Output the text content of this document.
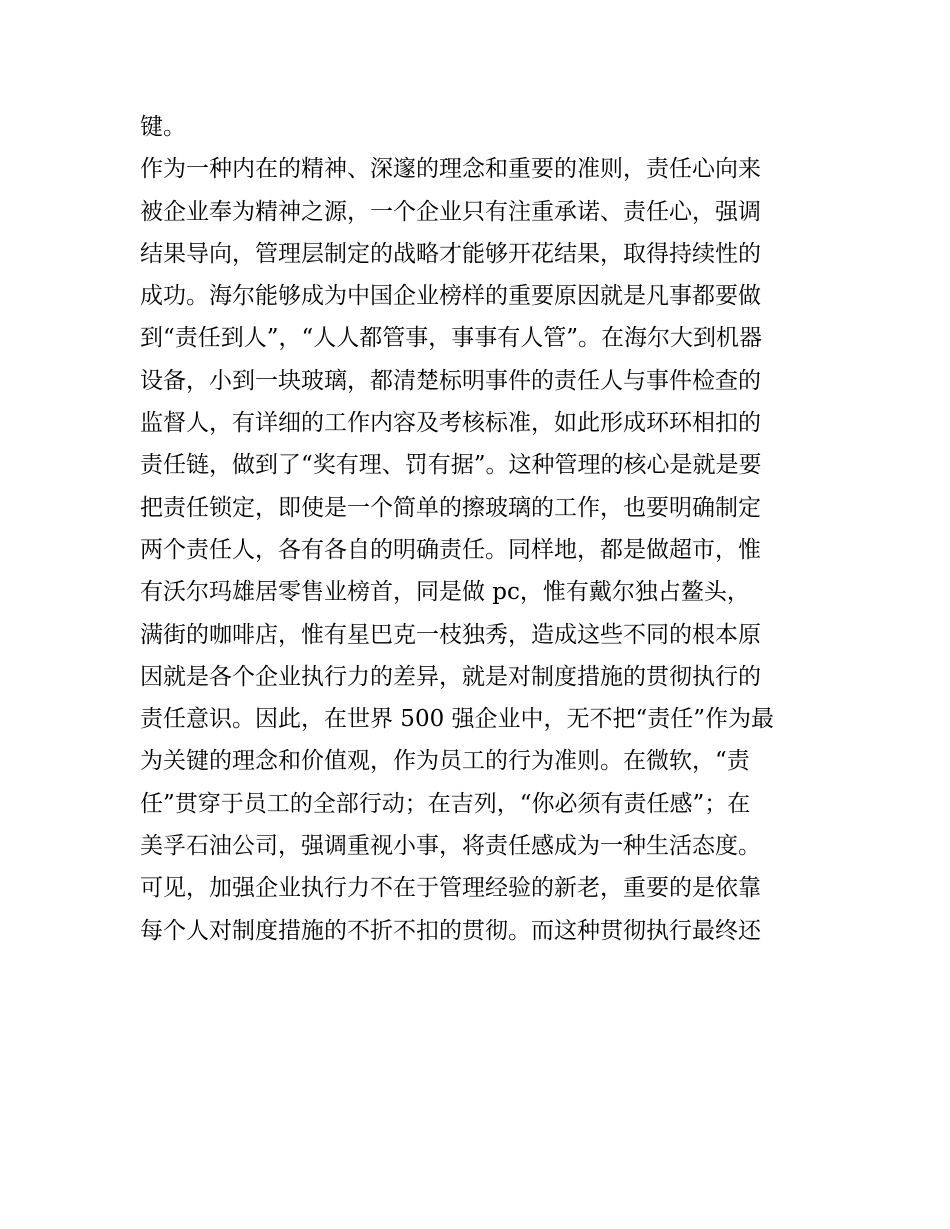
键。
作为一种内在的精神、深邃的理念和重要的准则，责任心向来
被企业奉为精神之源，一个企业只有注重承诺、责任心，强调
结果导向，管理层制定的战略才能够开花结果，取得持续性的
成功。海尔能够成为中国企业榜样的重要原因就是凡事都要做
到“责任到人”，“人人都管事，事事有人管”。在海尔大到机器
设备，小到一块玻璃，都清楚标明事件的责任人与事件检查的
监督人，有详细的工作内容及考核标准，如此形成环环相扣的
责任链，做到了“奖有理、罚有据”。这种管理的核心是就是要
把责任锁定，即使是一个简单的擦玻璃的工作，也要明确制定
两个责任人，各有各自的明确责任。同样地，都是做超市，惟
有沃尔玛雄居零售业榜首，同是做 pc，惟有戴尔独占鳌头，
满街的咖啡店，惟有星巴克一枝独秀，造成这些不同的根本原
因就是各个企业执行力的差异，就是对制度措施的贯彻执行的
责任意识。因此，在世界 500 强企业中，无不把“责任”作为最
为关键的理念和价值观，作为员工的行为准则。在微软，“责
任”贯穿于员工的全部行动；在吉列，“你必须有责任感”；在
美孚石油公司，强调重视小事，将责任感成为一种生活态度。
可见，加强企业执行力不在于管理经验的新老，重要的是依靠
每个人对制度措施的不折不扣的贯彻。而这种贯彻执行最终还
